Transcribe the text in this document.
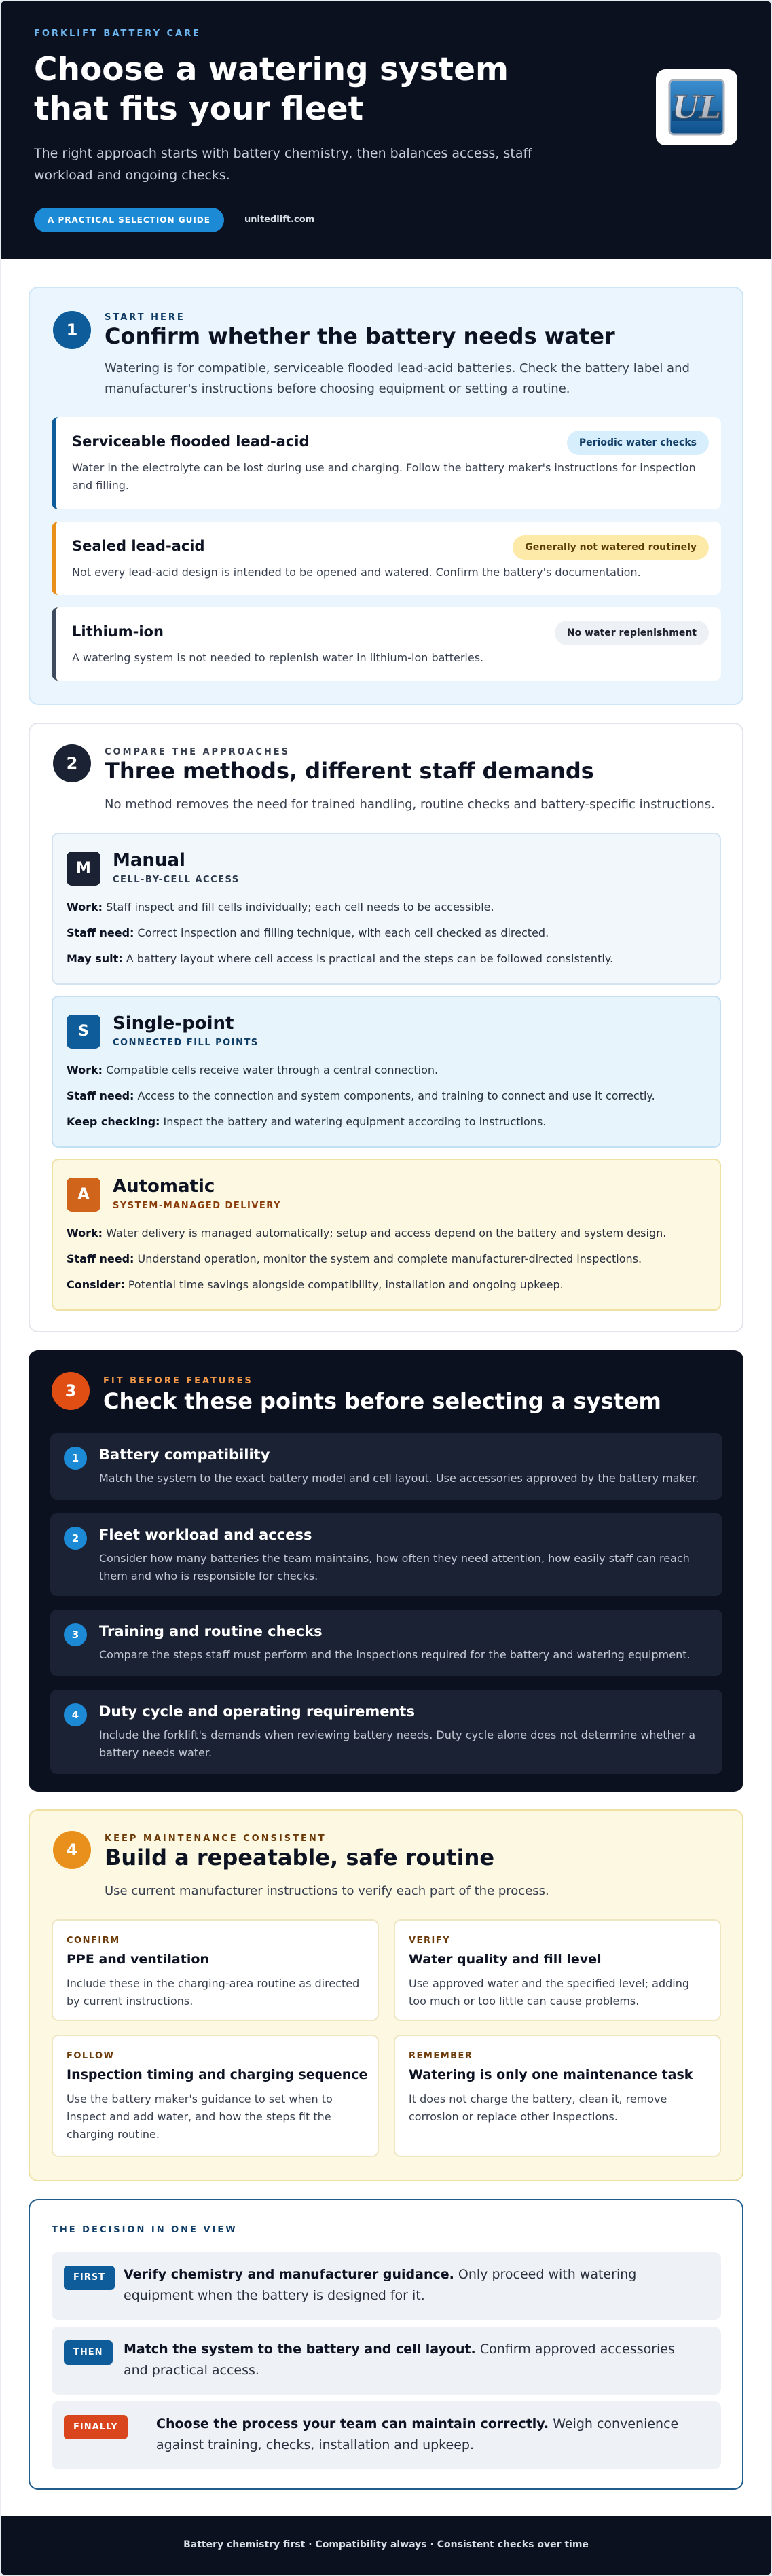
FORKLIFT BATTERY CARE
Choose a watering system that fits your fleet

The right approach starts with battery chemistry, then balances access, staff workload and ongoing checks.

A PRACTICAL SELECTION GUIDE	unitedlift.com
UL
1
START HERE
Confirm whether the battery needs water

Watering is for compatible, serviceable flooded lead-acid batteries. Check the battery label and manufacturer's instructions before choosing equipment or setting a routine.

Serviceable flooded lead-acid	Periodic water checks

Water in the electrolyte can be lost during use and charging. Follow the battery maker's instructions for inspection and filling.

Sealed lead-acid	Generally not watered routinely

Not every lead-acid design is intended to be opened and watered. Confirm the battery's documentation.

Lithium-ion	No water replenishment

A watering system is not needed to replenish water in lithium-ion batteries.

2
COMPARE THE APPROACHES
Three methods, different staff demands

No method removes the need for trained handling, routine checks and battery-specific instructions.

M	Manual
CELL-BY-CELL ACCESS

Work: Staff inspect and fill cells individually; each cell needs to be accessible.

Staff need: Correct inspection and filling technique, with each cell checked as directed.

May suit: A battery layout where cell access is practical and the steps can be followed consistently.

S	Single-point
CONNECTED FILL POINTS

Work: Compatible cells receive water through a central connection.

Staff need: Access to the connection and system components, and training to connect and use it correctly.

Keep checking: Inspect the battery and watering equipment according to instructions.

A	Automatic
SYSTEM-MANAGED DELIVERY

Work: Water delivery is managed automatically; setup and access depend on the battery and system design.

Staff need: Understand operation, monitor the system and complete manufacturer-directed inspections.

Consider: Potential time savings alongside compatibility, installation and ongoing upkeep.

3
FIT BEFORE FEATURES
Check these points before selecting a system
1	Battery compatibility

Match the system to the exact battery model and cell layout. Use accessories approved by the battery maker.

2	Fleet workload and access

Consider how many batteries the team maintains, how often they need attention, how easily staff can reach them and who is responsible for checks.

3	Training and routine checks

Compare the steps staff must perform and the inspections required for the battery and watering equipment.

4	Duty cycle and operating requirements

Include the forklift's demands when reviewing battery needs. Duty cycle alone does not determine whether a battery needs water.

4
KEEP MAINTENANCE CONSISTENT
Build a repeatable, safe routine

Use current manufacturer instructions to verify each part of the process.

CONFIRM
PPE and ventilation

Include these in the charging-area routine as directed by current instructions.

VERIFY
Water quality and fill level

Use approved water and the specified level; adding too much or too little can cause problems.

FOLLOW
Inspection timing and charging sequence

Use the battery maker's guidance to set when to inspect and add water, and how the steps fit the charging routine.

REMEMBER
Watering is only one maintenance task

It does not charge the battery, clean it, remove corrosion or replace other inspections.

THE DECISION IN ONE VIEW
FIRST	Verify chemistry and manufacturer guidance. Only proceed with watering equipment when the battery is designed for it.

THEN	Match the system to the battery and cell layout. Confirm approved accessories and practical access.

FINALLY	Choose the process your team can maintain correctly. Weigh convenience against training, checks, installation and upkeep.

Battery chemistry first · Compatibility always · Consistent checks over time
